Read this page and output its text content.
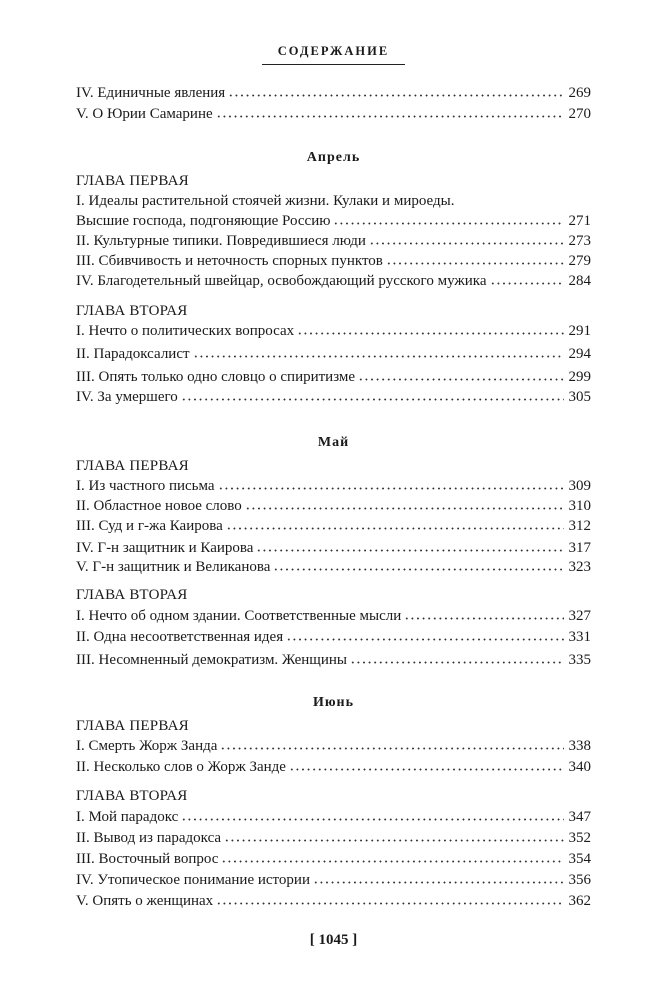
СОДЕРЖАНИЕ
IV. Единичные явления	269
V. О Юрии Самарине	270
Апрель
ГЛАВА ПЕРВАЯ
I. Идеалы растительной стоячей жизни. Кулаки и мироеды.
Высшие господа, подгоняющие Россию	271
II. Культурные типики. Повредившиеся люди	273
III. Сбивчивость и неточность спорных пунктов	279
IV. Благодетельный швейцар, освобождающий русского мужика	284
ГЛАВА ВТОРАЯ
I. Нечто о политических вопросах	291
II. Парадоксалист	294
III. Опять только одно словцо о спиритизме	299
IV. За умершего	305
Май
ГЛАВА ПЕРВАЯ
I. Из частного письма	309
II. Областное новое слово	310
III. Суд и г-жа Каирова	312
IV. Г-н защитник и Каирова	317
V. Г-н защитник и Великанова	323
ГЛАВА ВТОРАЯ
I. Нечто об одном здании. Соответственные мысли	327
II. Одна несоответственная идея	331
III. Несомненный демократизм. Женщины	335
Июнь
ГЛАВА ПЕРВАЯ
I. Смерть Жорж Занда	338
II. Несколько слов о Жорж Занде	340
ГЛАВА ВТОРАЯ
I. Мой парадокс	347
II. Вывод из парадокса	352
III. Восточный вопрос	354
IV. Утопическое понимание истории	356
V. Опять о женщинах	362
[ 1045 ]
